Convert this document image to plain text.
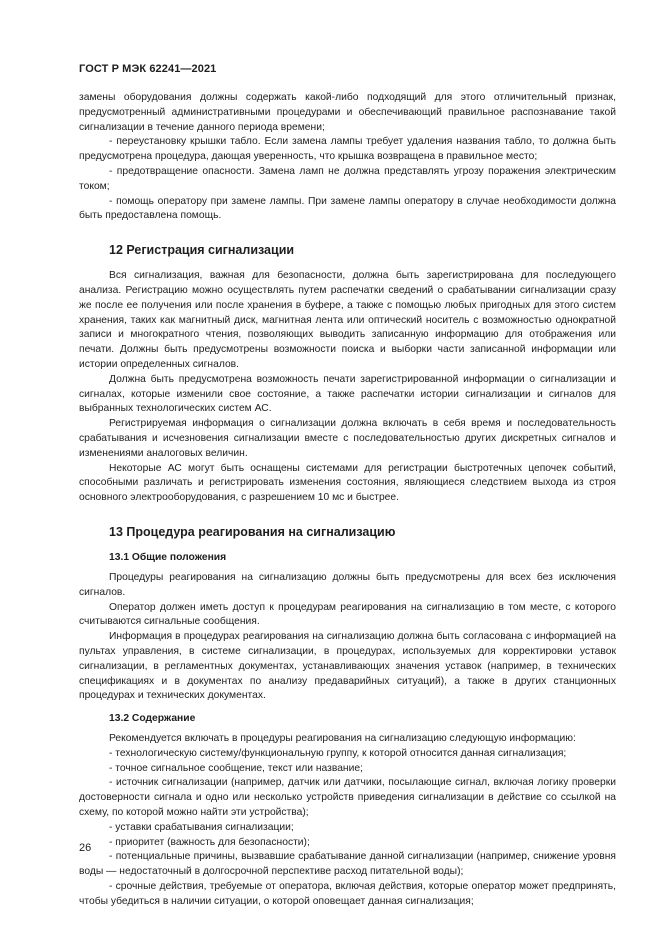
ГОСТ Р МЭК 62241—2021

замены оборудования должны содержать какой-либо подходящий для этого отличительный признак, предусмотренный административными процедурами и обеспечивающий правильное распознавание такой сигнализации в течение данного периода времени;

- переустановку крышки табло. Если замена лампы требует удаления названия табло, то должна быть предусмотрена процедура, дающая уверенность, что крышка возвращена в правильное место;

- предотвращение опасности. Замена ламп не должна представлять угрозу поражения электрическим током;

- помощь оператору при замене лампы. При замене лампы оператору в случае необходимости должна быть предоставлена помощь.

12 Регистрация сигнализации

Вся сигнализация, важная для безопасности, должна быть зарегистрирована для последующего анализа. Регистрацию можно осуществлять путем распечатки сведений о срабатывании сигнализации сразу же после ее получения или после хранения в буфере, а также с помощью любых пригодных для этого систем хранения, таких как магнитный диск, магнитная лента или оптический носитель с возможностью однократной записи и многократного чтения, позволяющих выводить записанную информацию для отображения или печати. Должны быть предусмотрены возможности поиска и выборки части записанной информации или истории определенных сигналов.

Должна быть предусмотрена возможность печати зарегистрированной информации о сигнализации и сигналах, которые изменили свое состояние, а также распечатки истории сигнализации и сигналов для выбранных технологических систем АС.

Регистрируемая информация о сигнализации должна включать в себя время и последовательность срабатывания и исчезновения сигнализации вместе с последовательностью других дискретных сигналов и изменениями аналоговых величин.

Некоторые АС могут быть оснащены системами для регистрации быстротечных цепочек событий, способными различать и регистрировать изменения состояния, являющиеся следствием выхода из строя основного электрооборудования, с разрешением 10 мс и быстрее.

13 Процедура реагирования на сигнализацию
13.1 Общие положения

Процедуры реагирования на сигнализацию должны быть предусмотрены для всех без исключения сигналов.

Оператор должен иметь доступ к процедурам реагирования на сигнализацию в том месте, с которого считываются сигнальные сообщения.

Информация в процедурах реагирования на сигнализацию должна быть согласована с информацией на пультах управления, в системе сигнализации, в процедурах, используемых для корректировки уставок сигнализации, в регламентных документах, устанавливающих значения уставок (например, в технических спецификациях и в документах по анализу предаварийных ситуаций), а также в других станционных процедурах и технических документах.

13.2 Содержание

Рекомендуется включать в процедуры реагирования на сигнализацию следующую информацию:

- технологическую систему/функциональную группу, к которой относится данная сигнализация;

- точное сигнальное сообщение, текст или название;

- источник сигнализации (например, датчик или датчики, посылающие сигнал, включая логику проверки достоверности сигнала и одно или несколько устройств приведения сигнализации в действие со ссылкой на схему, по которой можно найти эти устройства);

- уставки срабатывания сигнализации;

- приоритет (важность для безопасности);

- потенциальные причины, вызвавшие срабатывание данной сигнализации (например, снижение уровня воды — недостаточный в долгосрочной перспективе расход питательной воды);

- срочные действия, требуемые от оператора, включая действия, которые оператор может предпринять, чтобы убедиться в наличии ситуации, о которой оповещает данная сигнализация;

26
